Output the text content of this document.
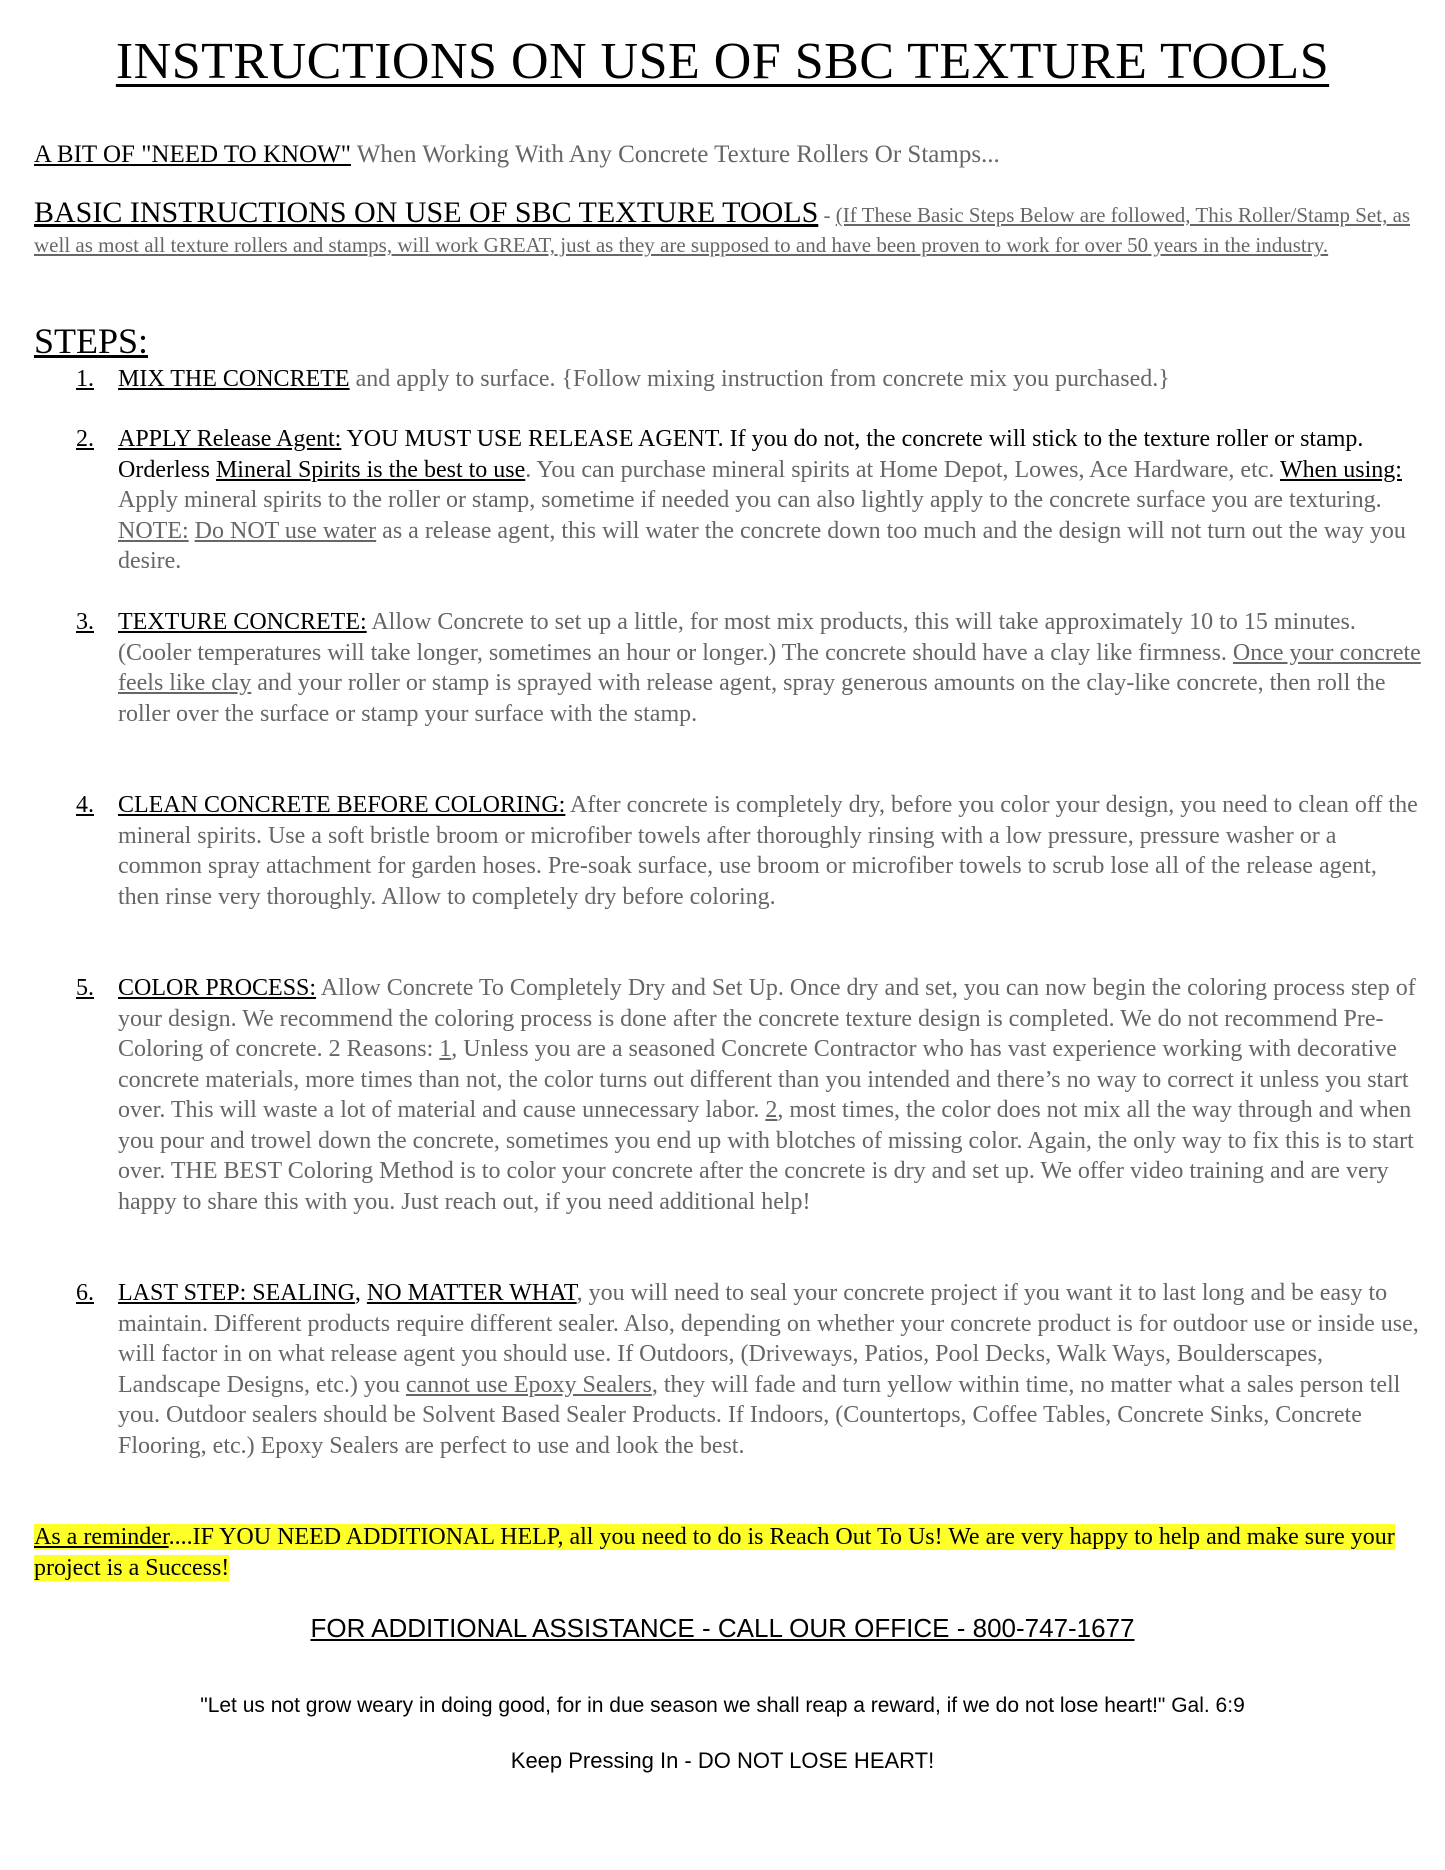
INSTRUCTIONS ON USE OF SBC TEXTURE TOOLS
A BIT OF "NEED TO KNOW" When Working With Any Concrete Texture Rollers Or Stamps...
BASIC INSTRUCTIONS ON USE OF SBC TEXTURE TOOLS - (If These Basic Steps Below are followed, This Roller/Stamp Set, as well as most all texture rollers and stamps, will work GREAT, just as they are supposed to and have been proven to work for over 50 years in the industry.
STEPS:
1. MIX THE CONCRETE and apply to surface. {Follow mixing instruction from concrete mix you purchased.}
2. APPLY Release Agent: YOU MUST USE RELEASE AGENT. If you do not, the concrete will stick to the texture roller or stamp. Orderless Mineral Spirits is the best to use. You can purchase mineral spirits at Home Depot, Lowes, Ace Hardware, etc. When using: Apply mineral spirits to the roller or stamp, sometime if needed you can also lightly apply to the concrete surface you are texturing. NOTE: Do NOT use water as a release agent, this will water the concrete down too much and the design will not turn out the way you desire.
3. TEXTURE CONCRETE: Allow Concrete to set up a little, for most mix products, this will take approximately 10 to 15 minutes. (Cooler temperatures will take longer, sometimes an hour or longer.) The concrete should have a clay like firmness. Once your concrete feels like clay and your roller or stamp is sprayed with release agent, spray generous amounts on the clay-like concrete, then roll the roller over the surface or stamp your surface with the stamp.
4. CLEAN CONCRETE BEFORE COLORING: After concrete is completely dry, before you color your design, you need to clean off the mineral spirits. Use a soft bristle broom or microfiber towels after thoroughly rinsing with a low pressure, pressure washer or a common spray attachment for garden hoses. Pre-soak surface, use broom or microfiber towels to scrub lose all of the release agent, then rinse very thoroughly. Allow to completely dry before coloring.
5. COLOR PROCESS: Allow Concrete To Completely Dry and Set Up. Once dry and set, you can now begin the coloring process step of your design. We recommend the coloring process is done after the concrete texture design is completed. We do not recommend Pre-Coloring of concrete. 2 Reasons: 1, Unless you are a seasoned Concrete Contractor who has vast experience working with decorative concrete materials, more times than not, the color turns out different than you intended and there’s no way to correct it unless you start over. This will waste a lot of material and cause unnecessary labor. 2, most times, the color does not mix all the way through and when you pour and trowel down the concrete, sometimes you end up with blotches of missing color. Again, the only way to fix this is to start over. THE BEST Coloring Method is to color your concrete after the concrete is dry and set up. We offer video training and are very happy to share this with you. Just reach out, if you need additional help!
6. LAST STEP: SEALING, NO MATTER WHAT, you will need to seal your concrete project if you want it to last long and be easy to maintain. Different products require different sealer. Also, depending on whether your concrete product is for outdoor use or inside use, will factor in on what release agent you should use. If Outdoors, (Driveways, Patios, Pool Decks, Walk Ways, Boulderscapes, Landscape Designs, etc.) you cannot use Epoxy Sealers, they will fade and turn yellow within time, no matter what a sales person tell you. Outdoor sealers should be Solvent Based Sealer Products. If Indoors, (Countertops, Coffee Tables, Concrete Sinks, Concrete Flooring, etc.) Epoxy Sealers are perfect to use and look the best.
As a reminder....IF YOU NEED ADDITIONAL HELP, all you need to do is Reach Out To Us! We are very happy to help and make sure your project is a Success!
FOR ADDITIONAL ASSISTANCE - CALL OUR OFFICE - 800-747-1677
"Let us not grow weary in doing good, for in due season we shall reap a reward, if we do not lose heart!" Gal. 6:9
Keep Pressing In - DO NOT LOSE HEART!
